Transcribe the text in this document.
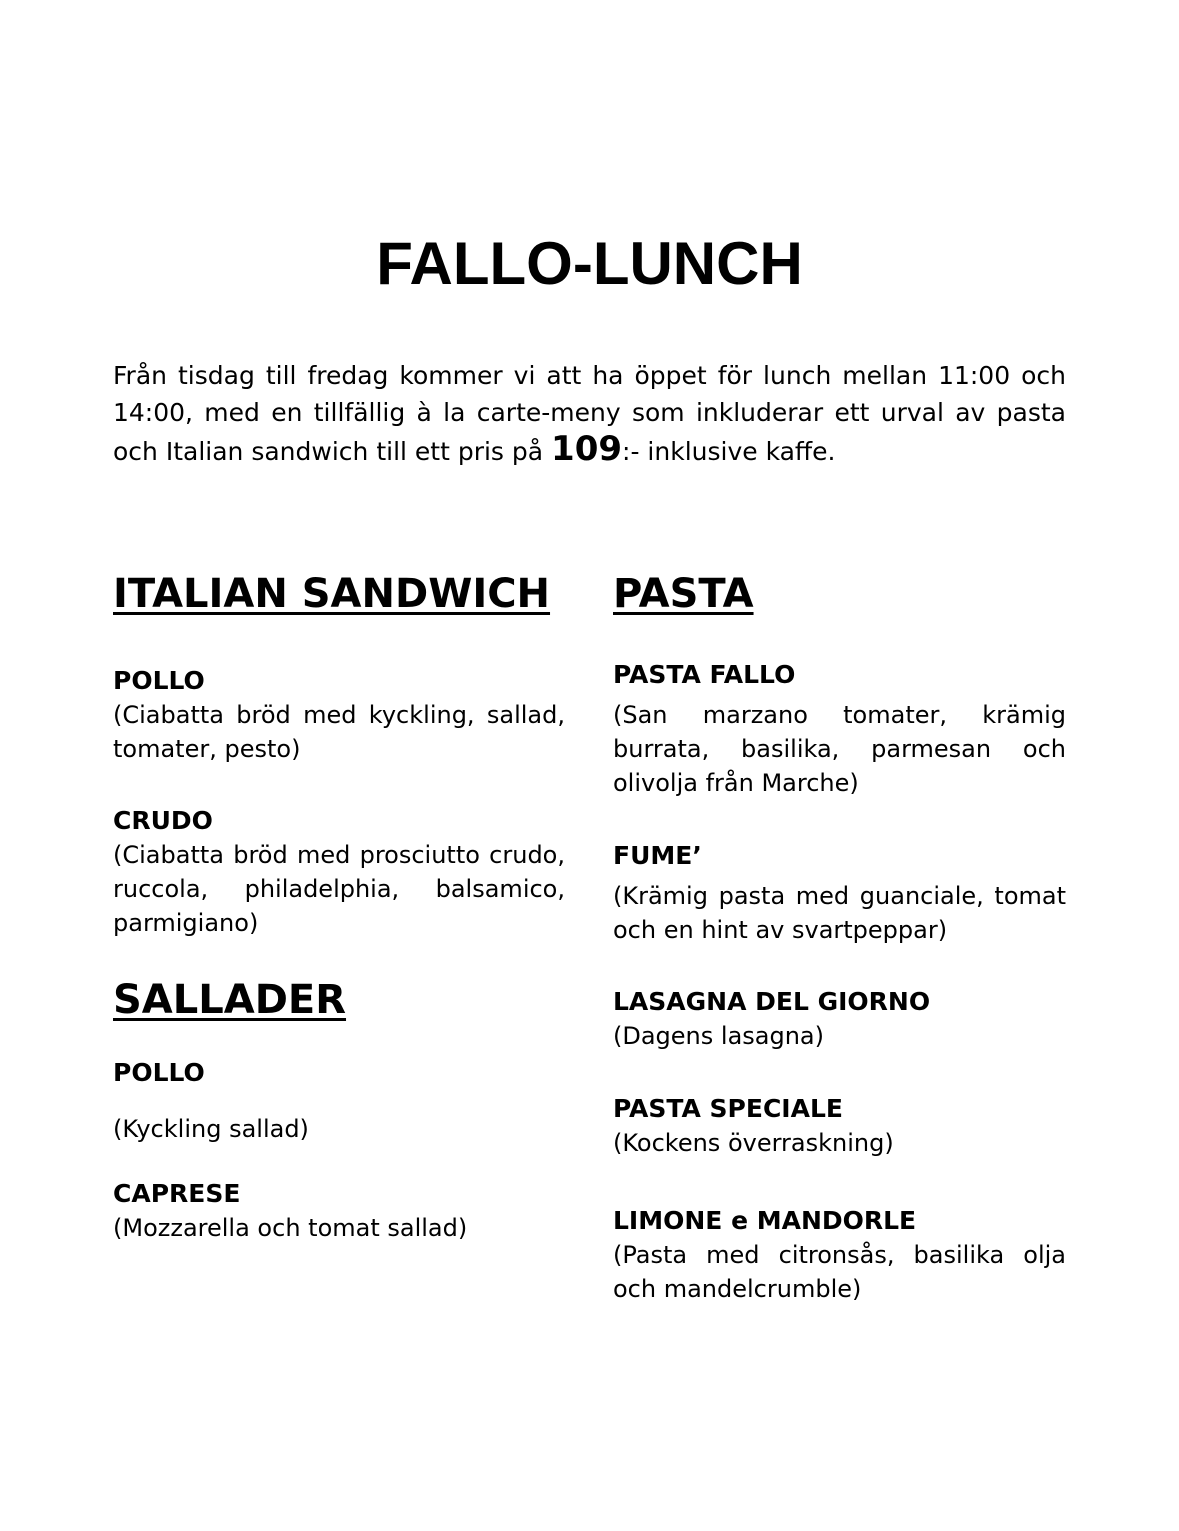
FALLO-LUNCH

Från tisdag till fredag kommer vi att ha öppet för lunch mellan 11:00 och 14:00, med en tillfällig à la carte-meny som inkluderar ett urval av pasta och Italian sandwich till ett pris på 109:- inklusive kaffe.

ITALIAN SANDWICH

POLLO

(Ciabatta bröd med kyckling, sallad, tomater, pesto)

CRUDO

(Ciabatta bröd med prosciutto crudo, ruccola, philadelphia, balsamico, parmigiano)

SALLADER

POLLO

(Kyckling sallad)

CAPRESE

(Mozzarella och tomat sallad)

PASTA

PASTA FALLO

(San marzano tomater, krämig burrata, basilika, parmesan och olivolja från Marche)

FUME’

(Krämig pasta med guanciale, tomat och en hint av svartpeppar)

LASAGNA DEL GIORNO

(Dagens lasagna)

PASTA SPECIALE

(Kockens överraskning)

LIMONE e MANDORLE

(Pasta med citronsås, basilika olja och mandelcrumble)
